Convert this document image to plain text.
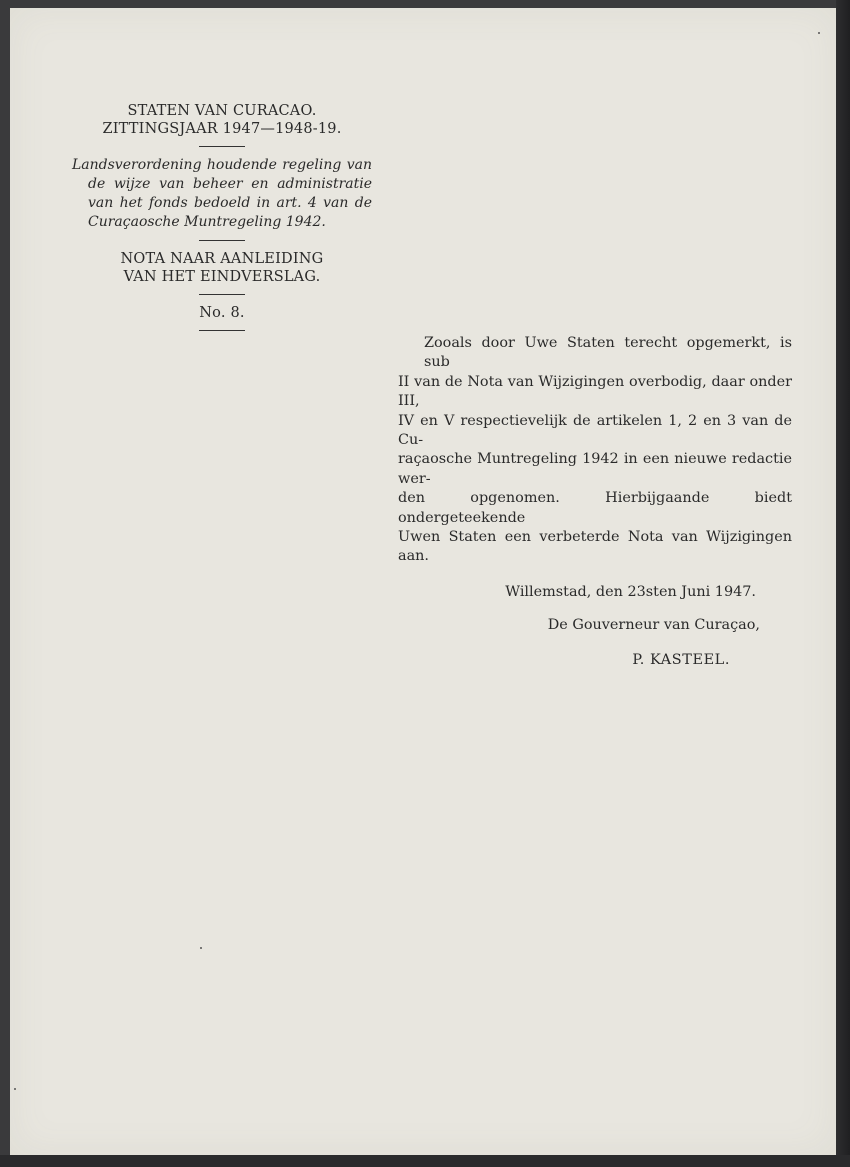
STATEN VAN CURACAO.
ZITTINGSJAAR 1947—1948-19.
Landsverordening houdende regeling van
de wijze van beheer en administratie
van het fonds bedoeld in art. 4 van de
Curaçaosche Muntregeling 1942.
NOTA NAAR AANLEIDING
VAN HET EINDVERSLAG.
No. 8.
Zooals door Uwe Staten terecht opgemerkt, is sub
II van de Nota van Wijzigingen overbodig, daar onder III,
IV en V respectievelijk de artikelen 1, 2 en 3 van de Cu-
raçaosche Muntregeling 1942 in een nieuwe redactie wer-
den opgenomen. Hierbijgaande biedt ondergeteekende
Uwen Staten een verbeterde Nota van Wijzigingen aan.
Willemstad, den 23sten Juni 1947.
De Gouverneur van Curaçao,
P. KASTEEL.
